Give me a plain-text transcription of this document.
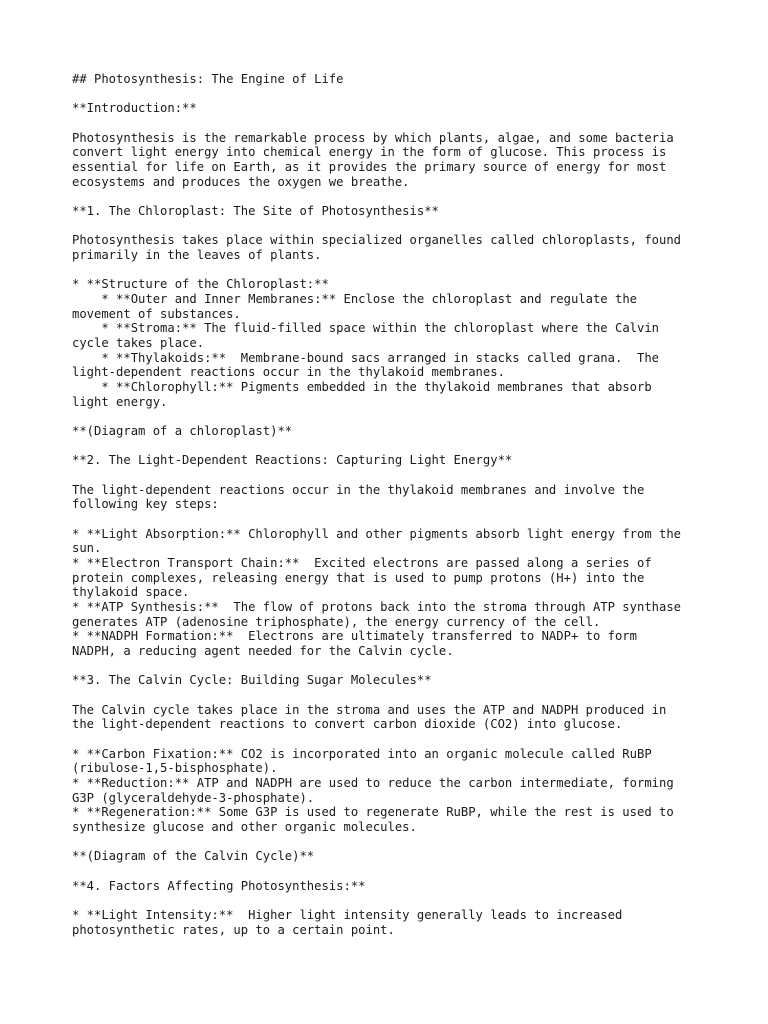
## Photosynthesis: The Engine of Life
**Introduction:**
Photosynthesis is the remarkable process by which plants, algae, and some bacteria
convert light energy into chemical energy in the form of glucose. This process is
essential for life on Earth, as it provides the primary source of energy for most
ecosystems and produces the oxygen we breathe.
**1. The Chloroplast: The Site of Photosynthesis**
Photosynthesis takes place within specialized organelles called chloroplasts, found
primarily in the leaves of plants.
* **Structure of the Chloroplast:**
* **Outer and Inner Membranes:** Enclose the chloroplast and regulate the
movement of substances.
* **Stroma:** The fluid-filled space within the chloroplast where the Calvin
cycle takes place.
* **Thylakoids:**  Membrane-bound sacs arranged in stacks called grana.  The
light-dependent reactions occur in the thylakoid membranes.
* **Chlorophyll:** Pigments embedded in the thylakoid membranes that absorb
light energy.
**(Diagram of a chloroplast)**
**2. The Light-Dependent Reactions: Capturing Light Energy**
The light-dependent reactions occur in the thylakoid membranes and involve the
following key steps:
* **Light Absorption:** Chlorophyll and other pigments absorb light energy from the
sun.
* **Electron Transport Chain:**  Excited electrons are passed along a series of
protein complexes, releasing energy that is used to pump protons (H+) into the
thylakoid space.
* **ATP Synthesis:**  The flow of protons back into the stroma through ATP synthase
generates ATP (adenosine triphosphate), the energy currency of the cell.
* **NADPH Formation:**  Electrons are ultimately transferred to NADP+ to form
NADPH, a reducing agent needed for the Calvin cycle.
**3. The Calvin Cycle: Building Sugar Molecules**
The Calvin cycle takes place in the stroma and uses the ATP and NADPH produced in
the light-dependent reactions to convert carbon dioxide (CO2) into glucose.
* **Carbon Fixation:** CO2 is incorporated into an organic molecule called RuBP
(ribulose-1,5-bisphosphate).
* **Reduction:** ATP and NADPH are used to reduce the carbon intermediate, forming
G3P (glyceraldehyde-3-phosphate).
* **Regeneration:** Some G3P is used to regenerate RuBP, while the rest is used to
synthesize glucose and other organic molecules.
**(Diagram of the Calvin Cycle)**
**4. Factors Affecting Photosynthesis:**
* **Light Intensity:**  Higher light intensity generally leads to increased
photosynthetic rates, up to a certain point.
